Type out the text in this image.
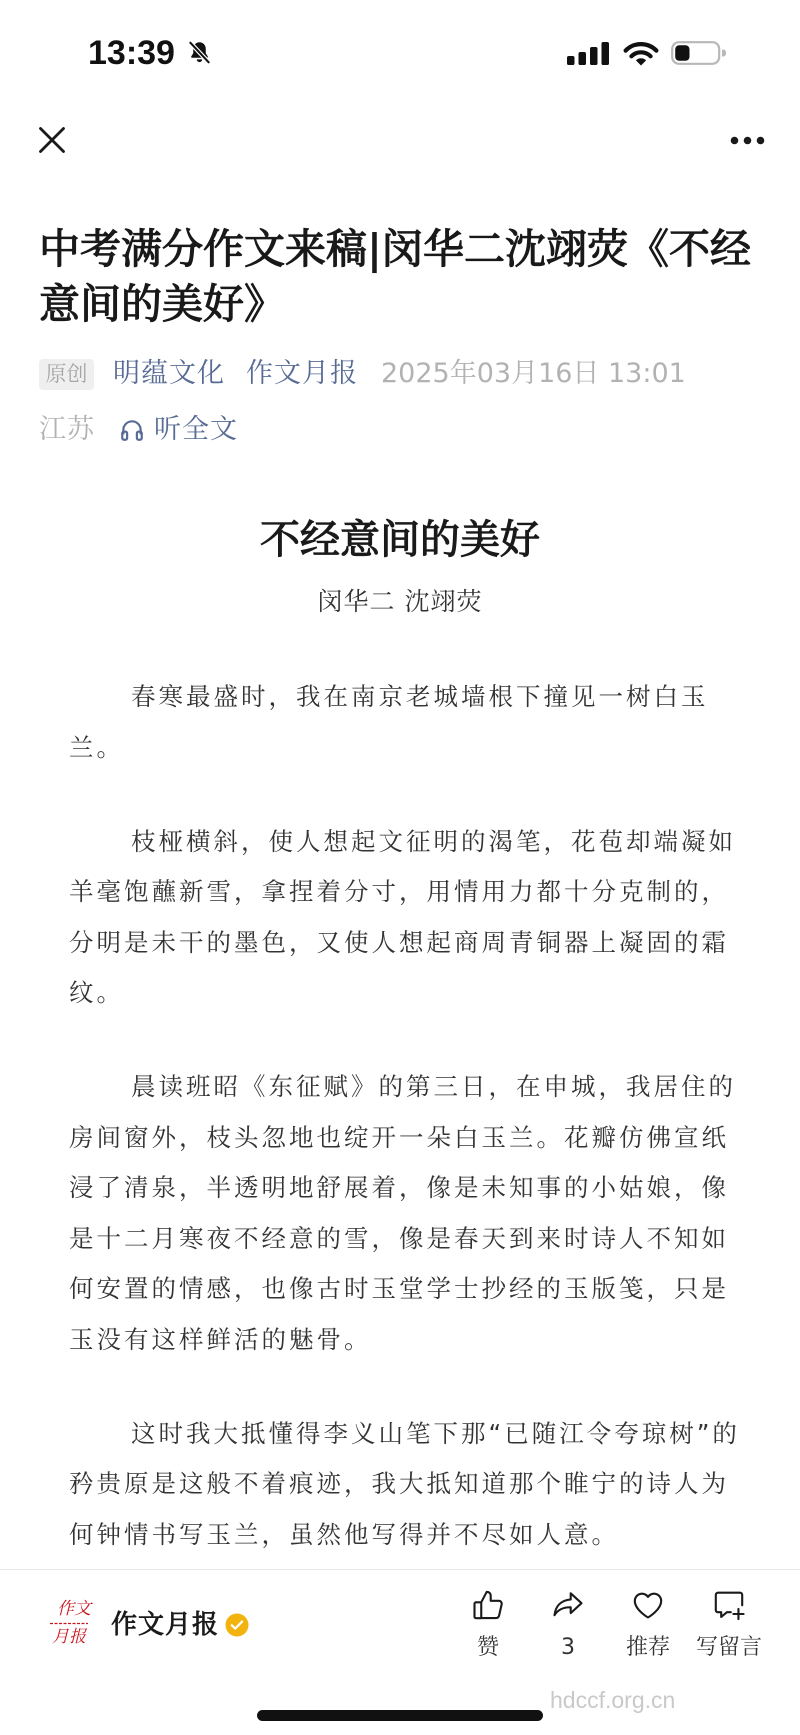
13:39
中考满分作文来稿|闵华二沈翊荧《不经意间的美好》
原创 明蕴文化 作文月报 2025年03月16日 13:01
江苏 听全文
不经意间的美好
闵华二 沈翊荧
春寒最盛时，我在南京老城墙根下撞见一树白玉
兰。
枝桠横斜，使人想起文征明的渴笔，花苞却端凝如
羊毫饱蘸新雪，拿捏着分寸，用情用力都十分克制的，
分明是未干的墨色，又使人想起商周青铜器上凝固的霜
纹。
晨读班昭《东征赋》的第三日，在申城，我居住的
房间窗外，枝头忽地也绽开一朵白玉兰。花瓣仿佛宣纸
浸了清泉，半透明地舒展着，像是未知事的小姑娘，像
是十二月寒夜不经意的雪，像是春天到来时诗人不知如
何安置的情感，也像古时玉堂学士抄经的玉版笺，只是
玉没有这样鲜活的魅骨。
这时我大抵懂得李义山笔下那“已随江令夸琼树”的
矜贵原是这般不着痕迹，我大抵知道那个睢宁的诗人为
何钟情书写玉兰，虽然他写得并不尽如人意。
作文
月报 作文月报
赞	3 推荐 写留言
hdccf.org.cn
